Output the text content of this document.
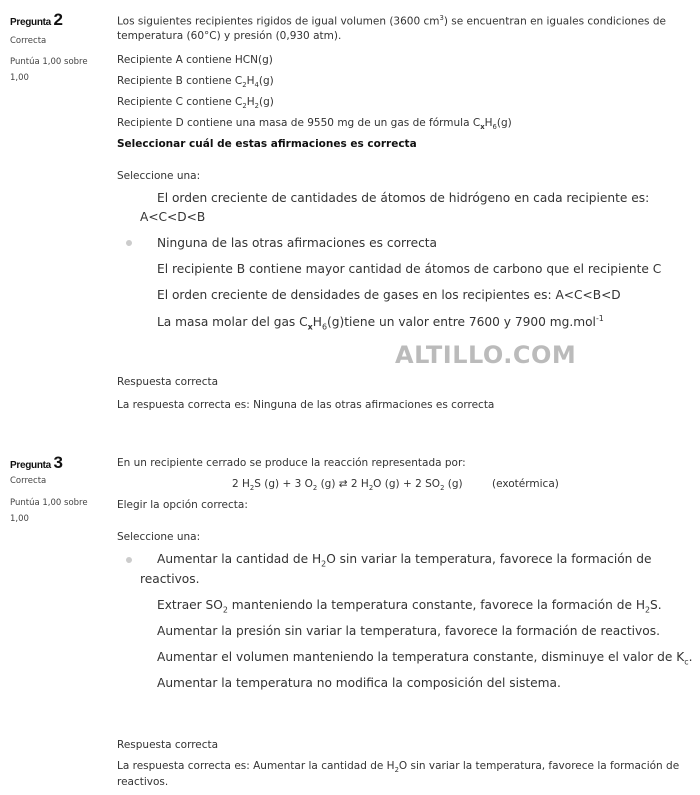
Pregunta 2
Correcta
Puntúa 1,00 sobre
1,00
Los siguientes recipientes rigidos de igual volumen (3600 $cm^3$) se encuentran en iguales condiciones de
temperatura (60°C) y presión (0,930 atm).
Recipiente A contiene HCN(g)
Recipiente B contiene $C_2H_4(g)$
Recipiente C contiene $C_2H_2(g)$
Recipiente D contiene una masa de 9550 mg de un gas de fórmula $C_xH_6(g)$
Seleccionar cuál de estas afirmaciones es correcta
Seleccione una:
El orden creciente de cantidades de átomos de hidrógeno en cada recipiente es:
A<C<D<B
Ninguna de las otras afirmaciones es correcta
El recipiente B contiene mayor cantidad de átomos de carbono que el recipiente C
El orden creciente de densidades de gases en los recipientes es: A<C<B<D
La masa molar del gas $C_xH_6(g)tiene$ un valor entre 7600 y 7900 mg.mol$^{-1}$
ALTILLO.COM
Respuesta correcta
La respuesta correcta es: Ninguna de las otras afirmaciones es correcta
Pregunta 3
Correcta
Puntúa 1,00 sobre
1,00
En un recipiente cerrado se produce la reacción representada por:
2 $H_2S$ (g) + 3 $O_2$ (g) ⇄ 2 $H_2O$ (g) + 2 $SO_2$ (g)	(exotérmica)
Elegir la opción correcta:
Seleccione una:
Aumentar la cantidad de $H_2O$ sin variar la temperatura, favorece la formación de
reactivos.
Extraer $SO_2$ manteniendo la temperatura constante, favorece la formación de $H_2S$.
Aumentar la presión sin variar la temperatura, favorece la formación de reactivos.
Aumentar el volumen manteniendo la temperatura constante, disminuye el valor de $K_c$.
Aumentar la temperatura no modifica la composición del sistema.
Respuesta correcta
La respuesta correcta es: Aumentar la cantidad de $H_2O$ sin variar la temperatura, favorece la formación de
reactivos.
